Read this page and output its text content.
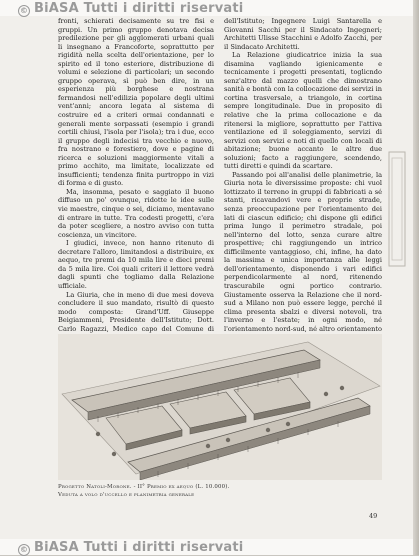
© BiASA Tutti i diritti riservati

fronti, schierati decisamente su tre fisi e gruppi. Un primo gruppo denotava decisa predilezione per gli agglomerati urbani quali li insegnano a Francoforte, soprattutto per rigidità nella scelta dell'orientazione, per lo spirito ed il tono esteriore, distribuzione di volumi e selezione di particolari; un secondo gruppo operava, sì può ben dire, in un esperienza più borghese e nostrana fermandosi nell'edilizia popolare degli ultimi vent'anni; ancora legata al sistema di costruire ed a criteri ormai condannati e generali mente sorpassati (esempio i grandi cortili chiusi, l'isola per l'isola); tra i due, ecco il gruppo degli indecisi tra vecchio e nuovo, fra nostrano e forestiero, dove e pagine di ricerca e soluzioni maggiormente vitali a primo acchito, ma limitate, localizzate ed insufficienti; tendenza finita purtroppo in vizi di forma e di gusto.

Ma, insomma, pesato e saggiato il buono diffuso un po' ovunque, ridotte le idee sulle vie maestre, cinque o sei, diciamo, mentavano di entrare in tutte. Tra codesti progetti, c'era da poter scegliere, a nostro avviso con tutta coscienza, un vincitore.

I giudici, invece, non hanno ritenuto di decretare l'alloro, limitandosi a distribuire, ex aequo, tre premi da 10 mila lire e dieci premi da 5 mila lire. Coi quali criteri il lettore vedrà dagli spunti che togliamo dalla Relazione ufficiale.

La Giuria, che in meno di due mesi doveva concludere il suo mandato, risultò di questo modo composta: Grand'Uff. Giuseppe Beigiammeni, Presidente dell'Istituto; Dott. Carlo Ragazzi, Medico capo del Comune di

dell'Istituto; Ingegnere Luigi Santarella e Giovanni Sacchi per il Sindacato Ingegneri; Architetti Ulisse Stacchini e Adolfo Zacchi, per il Sindacato Architetti.

La Relazione giudicatrice inizia la sua disamina vagliando igienicamente e tecnicamente i progetti presentati, toglicndo senz'altro dal mazzo quelli che dimostrano sanità e bontà con la collocazione dei servizi in cortina trasversale, a triangolo, in cortina sempre longitudinale. Due in proposito di relative che la prima collocazione e da ritenersi la migliore, soprattutto per l'attiva ventilazione ed il soleggiamento, servizi di servizi con servizi e noti di quello con locali di abitazione; buone accanto le altre due soluzioni; facto a raggiungere, scendendo, tutti diretti e quindi da scartare.

Passando poi all'analisi delle planimetrie, la Giuria nota le diversissime proposte: chi vuol lottizzato il terreno in gruppi di fabbricati a sé stanti, ricavandovi vere e proprie strade, senza preoccupazione per l'orientamento dei lati di ciascun edificio; chi dispone gli edifici prima lungo il perimetro stradale, poi nell'interno del lotto, senza curare altre prospettive; chi raggiungendo un intrico difficilmente vantaggioso, chi, infine, ha dato la massima e unica importanza alle leggi dell'orientamento, disponendo i vari edifici perpendicolarmente al nord, ritenendo trascurabile ogni portico contrario. Giustamente osserva la Relazione che il nord-sud a Milano non può essere legge, perché il clima presenta sbalzi e diversi notevoli, tra l'inverno e l'estate; in ogni modo, né l'orientamento nord-sud, né altro orientamento

Progetto Natoli-Morone. - II° Premio ex aequo (L. 10.000).
Veduta a volo d'uccello e planimetria generale
49
© BiASA Tutti i diritti riservati
